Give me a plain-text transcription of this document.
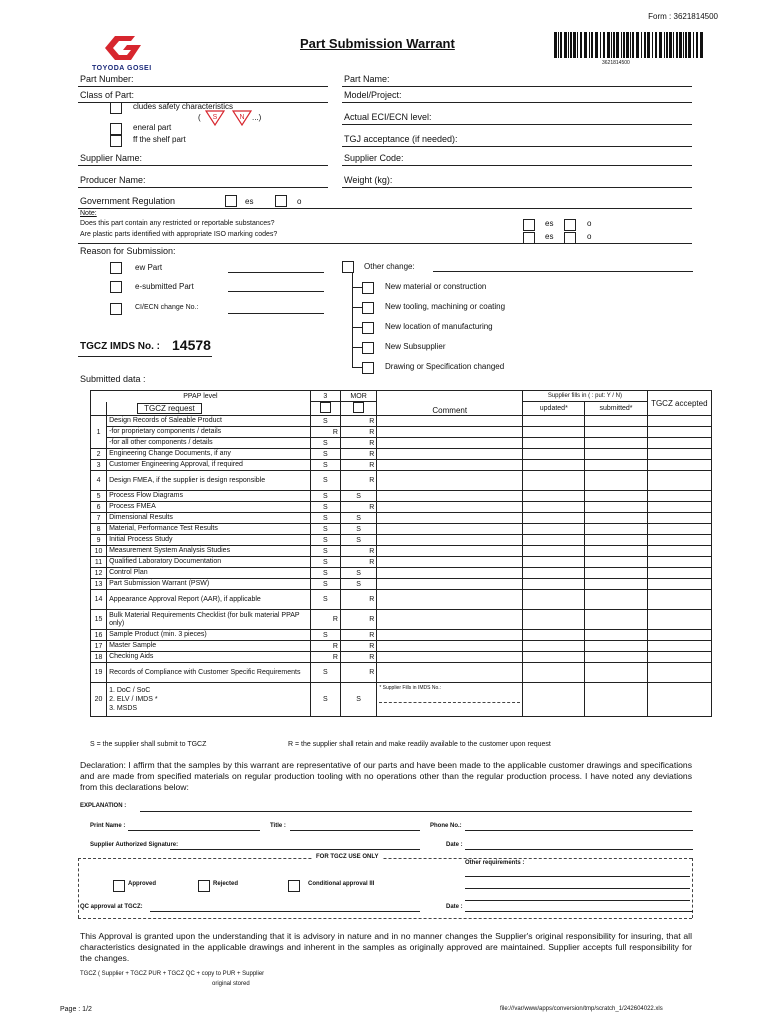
Form : 3621814500
TOYODA GOSEI
Part Submission Warrant
3621814500
Part Number:
Class of Part:
cludes safety characteristics
( S	N ...)
eneral part
ff the shelf part
Supplier Name:
Producer Name:
Government Regulation	es	o
Part Name:
Model/Project:
Actual ECI/ECN level:
TGJ acceptance (if needed):
Supplier Code:
Weight (kg):
Note:
Does this part contain any restricted or reportable substances?
Are plastic parts identified with appropriate ISO marking codes?
es	o
es	o
Reason for Submission:
ew Part
e-submitted Part
CI/ECN change No.:
Other change:
New material or construction
New tooling, machining or coating
New location of manufacturing
New Subsupplier
Drawing or Specification changed
TGCZ IMDS No. : 14578
Submitted data :
PPAP level		3	MOR	Comment	Supplier fills in ( : put: Y / N)		TGCZ accepted
	TGCZ request				updated*	submitted*	
1	Design Records of Saleable Product	S	R				
	-for proprietary components / details	R	R				
	-for all other components / details	S	R				
2	Engineering Change Documents, if any	S	R				
3	Customer Engineering Approval, if required	S	R				
4	Design FMEA, if the supplier is design responsible	S	R				
5	Process Flow Diagrams	S	S				
6	Process FMEA	S	R				
7	Dimensional Results	S	S				
8	Material, Performance Test Results	S	S				
9	Initial Process Study	S	S				
10	Measurement System Analysis Studies	S	R				
11	Qualified Laboratory Documentation	S	R				
12	Control Plan	S	S				
13	Part Submission Warrant (PSW)	S	S				
14	Appearance Approval Report (AAR), if applicable	S	R				
15	Bulk Material Requirements Checklist (for bulk material PPAP only)	R	R				
16	Sample Product (min. 3 pieces)	S	R				
17	Master Sample	R	R				
18	Checking Aids	R	R				
19	Records of Compliance with Customer Specific Requirements	S	R				
20	1. DoC / SoC
2. ELV / IMDS *
3. MSDS	S	S	* Supplier Fills in IMDS No.:

S = the supplier shall submit to TGCZ	R = the supplier shall retain and make readily available to the customer upon request
Declaration: I affirm that the samples by this warrant are representative of our parts and have been made to the applicable customer drawings and specifications and are made from specified materials on regular production tooling with no operations other than the regular production process. I have noted any deviations from this declarations below:
EXPLANATION :
Print Name :	Title :	Phone No.:
Supplier Authorized Signature:	Date :
FOR TGCZ USE ONLY
Other requirements :
Approved	Rejected	Conditional approval III
QC approval at TGCZ:	Date :
This Approval is granted upon the understanding that it is advisory in nature and in no manner changes the Supplier's original responsibility for insuring, that all characteristics designated in the applicable drawings and inherent in the samples as originally approved are maintained. Supplier accepts full responsibility for the changes.
TGCZ ( Supplier + TGCZ PUR + TGCZ QC + copy to PUR + Supplier
original stored
Page : 1/2	file:///var/www/apps/conversion/tmp/scratch_1/242604022.xls
